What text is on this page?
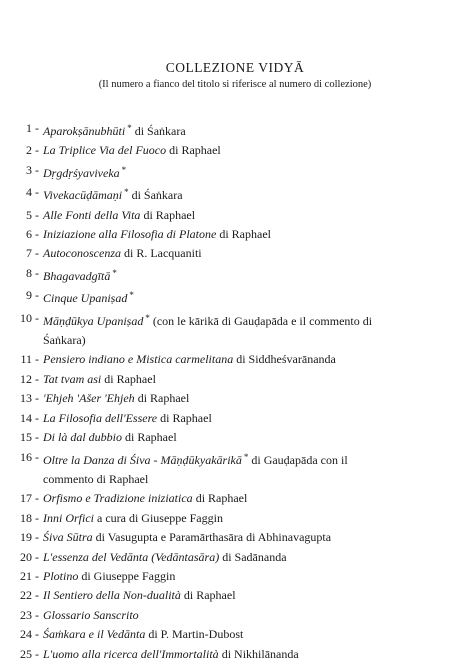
COLLEZIONE VIDYĀ
(Il numero a fianco del titolo si riferisce al numero di collezione)
1 - Aparokṣānubhūti * di Śaṅkara
2 - La Triplice Via del Fuoco di Raphael
3 - Dṛgdṛśyaviveka *
4 - Vivekacūḍāmaṇi * di Śaṅkara
5 - Alle Fonti della Vita di Raphael
6 - Iniziazione alla Filosofia di Platone di Raphael
7 - Autoconoscenza di R. Lacquaniti
8 - Bhagavadgītā *
9 - Cinque Upaniṣad *
10 - Māṇḍūkya Upaniṣad * (con le kārikā di Gauḍapāda e il commento di
Śaṅkara)
11 - Pensiero indiano e Mistica carmelitana di Siddheśvarānanda
12 - Tat tvam asi di Raphael
13 - 'Ehjeh 'Ašer 'Ehjeh di Raphael
14 - La Filosofia dell'Essere di Raphael
15 - Di là dal dubbio di Raphael
16 - Oltre la Danza di Śiva - Māṇḍūkyakārikā * di Gauḍapāda con il
commento di Raphael
17 - Orfismo e Tradizione iniziatica di Raphael
18 - Inni Orfici a cura di Giuseppe Faggin
19 - Śiva Sūtra di Vasugupta e Paramārthasāra di Abhinavagupta
20 - L'essenza del Vedānta (Vedāntasāra) di Sadānanda
21 - Plotino di Giuseppe Faggin
22 - Il Sentiero della Non-dualità di Raphael
23 - Glossario Sanscrito
24 - Śaṁkara e il Vedānta di P. Martin-Dubost
25 - L'uomo alla ricerca dell'Immortalità di Nikhilānanda
